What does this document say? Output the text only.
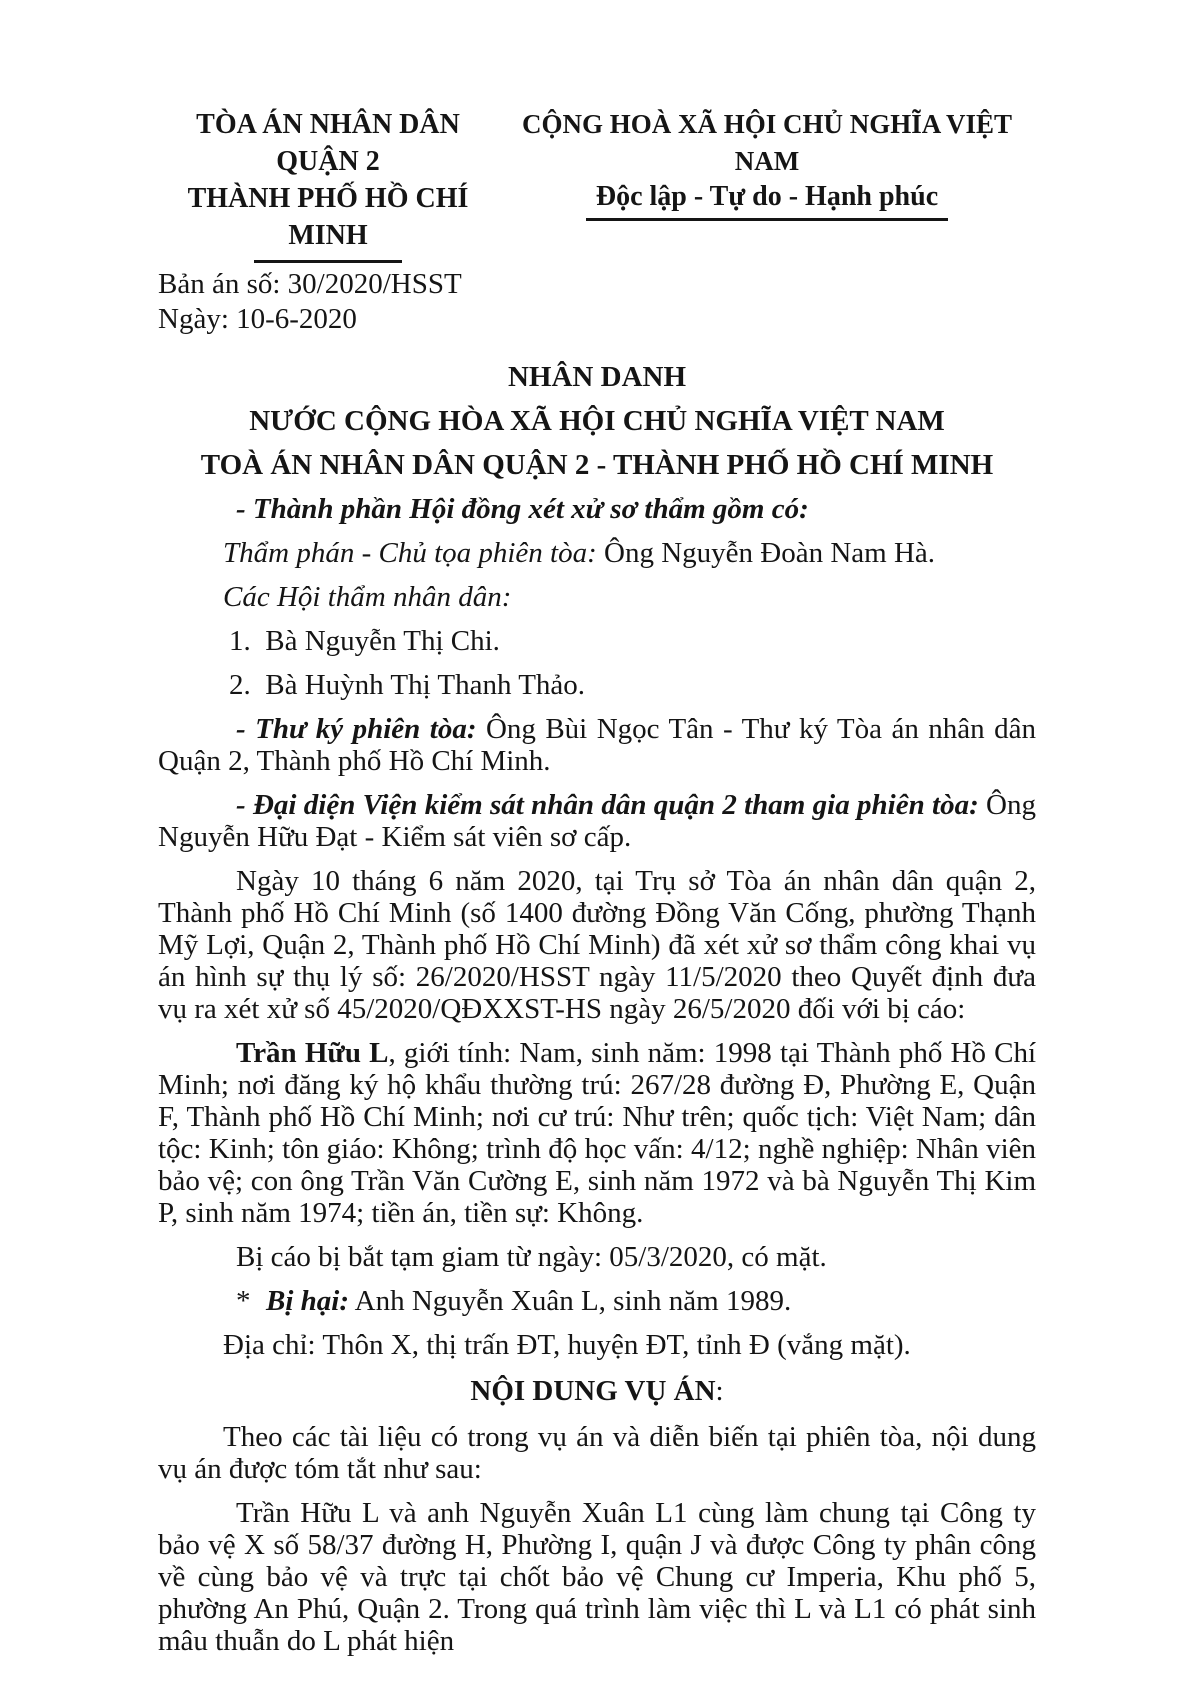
TÒA ÁN NHÂN DÂN QUẬN 2
THÀNH PHỐ HỒ CHÍ MINH
CỘNG HOÀ XÃ HỘI CHỦ NGHĨA VIỆT NAM
Độc lập - Tự do - Hạnh phúc

Bản án số: 30/2020/HSST

Ngày: 10-6-2020

NHÂN DANH
NƯỚC CỘNG HÒA XÃ HỘI CHỦ NGHĨA VIỆT NAM
TOÀ ÁN NHÂN DÂN QUẬN 2 - THÀNH PHỐ HỒ CHÍ MINH

- Thành phần Hội đồng xét xử sơ thẩm gồm có:

Thẩm phán - Chủ tọa phiên tòa: Ông Nguyễn Đoàn Nam Hà.

Các Hội thẩm nhân dân:

1.  Bà Nguyễn Thị Chi.

2.  Bà Huỳnh Thị Thanh Thảo.

- Thư ký phiên tòa: Ông Bùi Ngọc Tân - Thư ký Tòa án nhân dân Quận 2, Thành phố Hồ Chí Minh.

- Đại diện Viện kiểm sát nhân dân quận 2 tham gia phiên tòa: Ông Nguyễn Hữu Đạt - Kiểm sát viên sơ cấp.

Ngày 10 tháng 6 năm 2020, tại Trụ sở Tòa án nhân dân quận 2, Thành phố Hồ Chí Minh (số 1400 đường Đồng Văn Cống, phường Thạnh Mỹ Lợi, Quận 2, Thành phố Hồ Chí Minh) đã xét xử sơ thẩm công khai vụ án hình sự thụ lý số: 26/2020/HSST ngày 11/5/2020 theo Quyết định đưa vụ ra xét xử số 45/2020/QĐXXST-HS ngày 26/5/2020 đối với bị cáo:

Trần Hữu L, giới tính: Nam, sinh năm: 1998 tại Thành phố Hồ Chí Minh; nơi đăng ký hộ khẩu thường trú: 267/28 đường Đ, Phường E, Quận F, Thành phố Hồ Chí Minh; nơi cư trú: Như trên; quốc tịch: Việt Nam; dân tộc: Kinh; tôn giáo: Không; trình độ học vấn: 4/12; nghề nghiệp: Nhân viên bảo vệ; con ông Trần Văn Cường E, sinh năm 1972 và bà Nguyễn Thị Kim P, sinh năm 1974; tiền án, tiền sự: Không.

Bị cáo bị bắt tạm giam từ ngày: 05/3/2020, có mặt.

* Bị hại: Anh Nguyễn Xuân L, sinh năm 1989.

Địa chỉ: Thôn X, thị trấn ĐT, huyện ĐT, tỉnh Đ (vắng mặt).

NỘI DUNG VỤ ÁN:

Theo các tài liệu có trong vụ án và diễn biến tại phiên tòa, nội dung vụ án được tóm tắt như sau:

Trần Hữu L và anh Nguyễn Xuân L1 cùng làm chung tại Công ty bảo vệ X số 58/37 đường H, Phường I, quận J và được Công ty phân công về cùng bảo vệ và trực tại chốt bảo vệ Chung cư Imperia, Khu phố 5, phường An Phú, Quận 2. Trong quá trình làm việc thì L và L1 có phát sinh mâu thuẫn do L phát hiện
